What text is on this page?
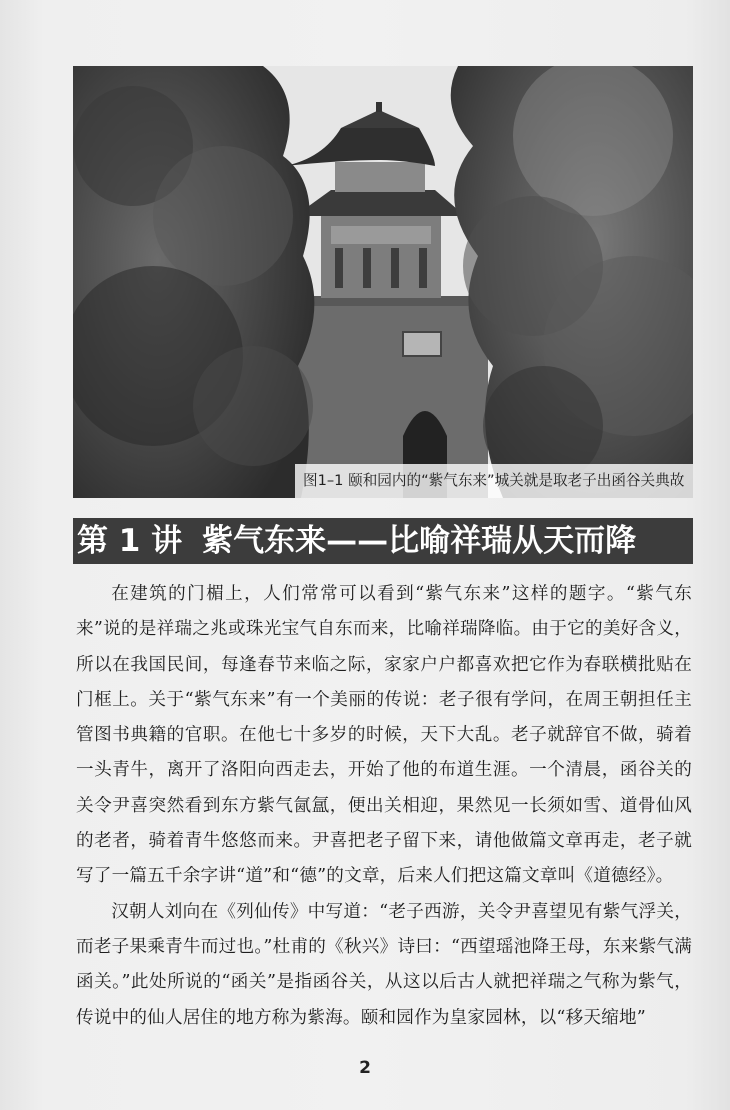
图1–1 颐和园内的“紫气东来”城关就是取老子出函谷关典故
第 1 讲 紫气东来——比喻祥瑞从天而降

在建筑的门楣上，人们常常可以看到“紫气东来”这样的题字。“紫气东来”说的是祥瑞之兆或珠光宝气自东而来，比喻祥瑞降临。由于它的美好含义，所以在我国民间，每逢春节来临之际，家家户户都喜欢把它作为春联横批贴在门框上。关于“紫气东来”有一个美丽的传说：老子很有学问，在周王朝担任主管图书典籍的官职。在他七十多岁的时候，天下大乱。老子就辞官不做，骑着一头青牛，离开了洛阳向西走去，开始了他的布道生涯。一个清晨，函谷关的关令尹喜突然看到东方紫气氤氲，便出关相迎，果然见一长须如雪、道骨仙风的老者，骑着青牛悠悠而来。尹喜把老子留下来，请他做篇文章再走，老子就写了一篇五千余字讲“道”和“德”的文章，后来人们把这篇文章叫《道德经》。

汉朝人刘向在《列仙传》中写道：“老子西游，关令尹喜望见有紫气浮关，而老子果乘青牛而过也。”杜甫的《秋兴》诗曰：“西望瑶池降王母，东来紫气满函关。”此处所说的“函关”是指函谷关，从这以后古人就把祥瑞之气称为紫气，传说中的仙人居住的地方称为紫海。颐和园作为皇家园林，以“移天缩地”

2
